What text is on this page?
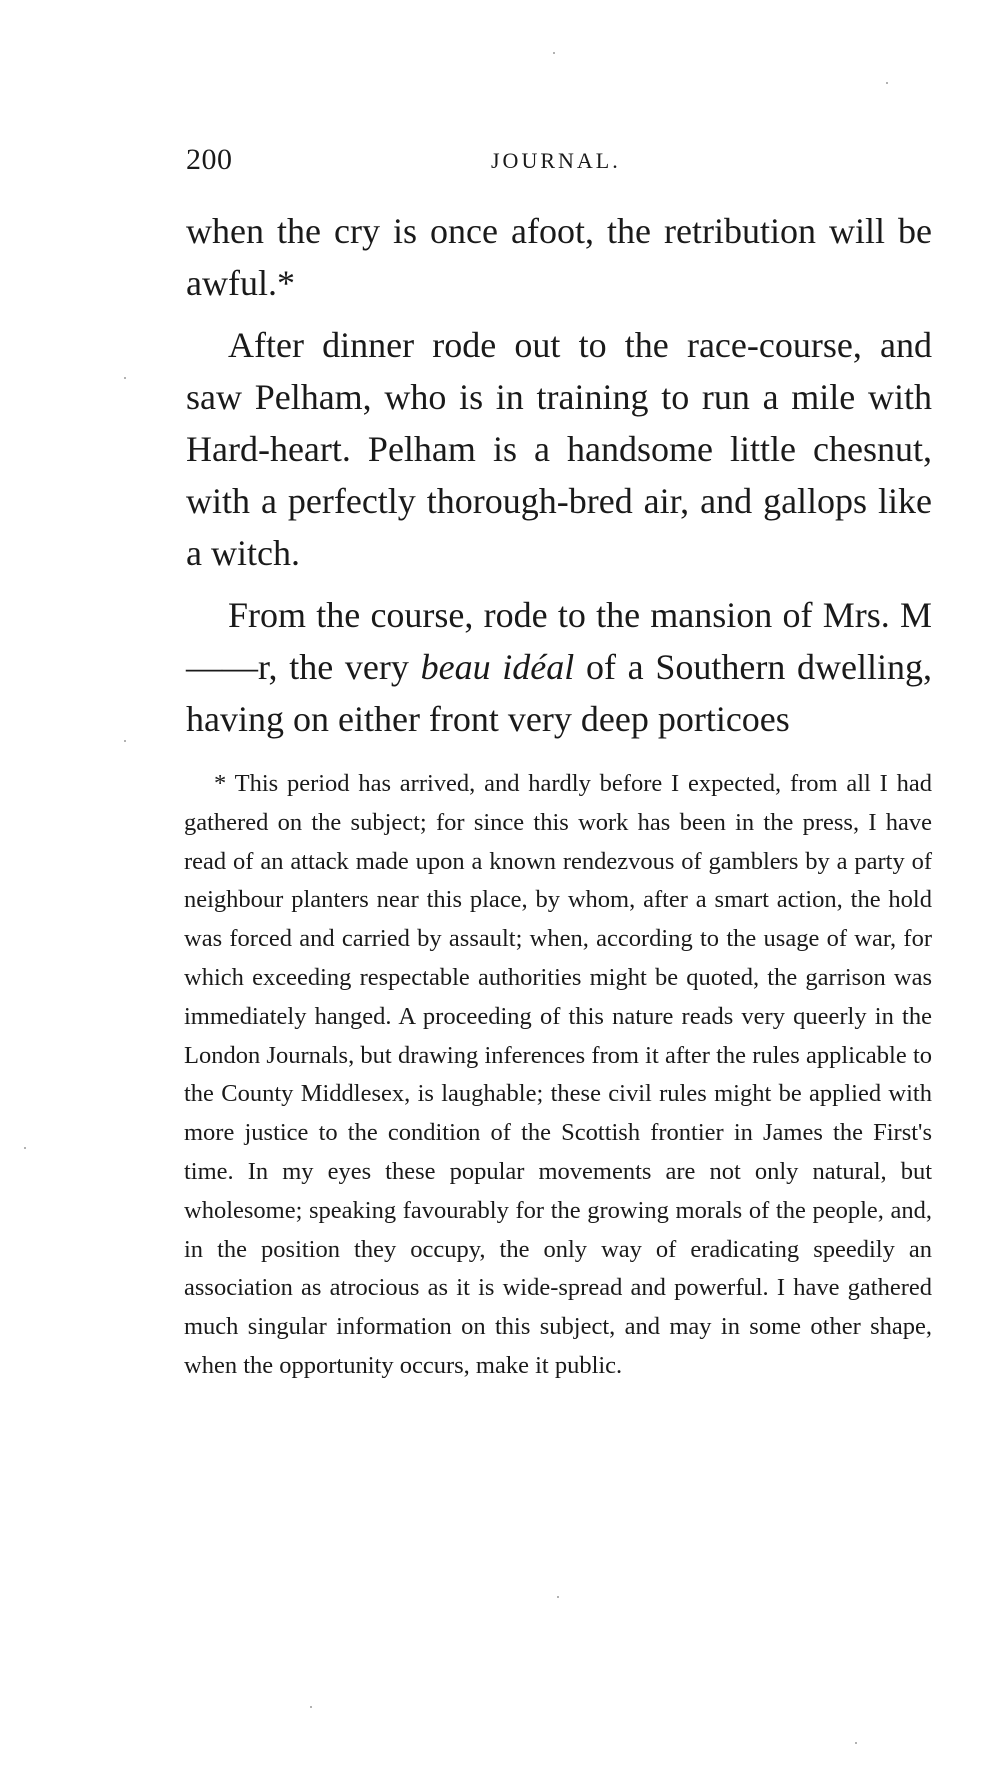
200	JOURNAL.

when the cry is once afoot, the retribution will be awful.*

After dinner rode out to the race-course, and saw Pelham, who is in training to run a mile with Hard-heart. Pelham is a handsome little chesnut, with a perfectly thorough-bred air, and gallops like a witch.

From the course, rode to the mansion of Mrs. M——r, the very beau idéal of a Southern dwelling, having on either front very deep porticoes

* This period has arrived, and hardly before I expected, from all I had gathered on the subject; for since this work has been in the press, I have read of an attack made upon a known rendezvous of gamblers by a party of neighbour planters near this place, by whom, after a smart action, the hold was forced and carried by assault; when, according to the usage of war, for which exceeding respectable authorities might be quoted, the garrison was immediately hanged. A proceeding of this nature reads very queerly in the London Journals, but drawing inferences from it after the rules applicable to the County Middlesex, is laughable; these civil rules might be applied with more justice to the condition of the Scottish frontier in James the First's time. In my eyes these popular movements are not only natural, but wholesome; speaking favourably for the growing morals of the people, and, in the position they occupy, the only way of eradicating speedily an association as atrocious as it is wide-spread and powerful. I have gathered much singular information on this subject, and may in some other shape, when the opportunity occurs, make it public.
